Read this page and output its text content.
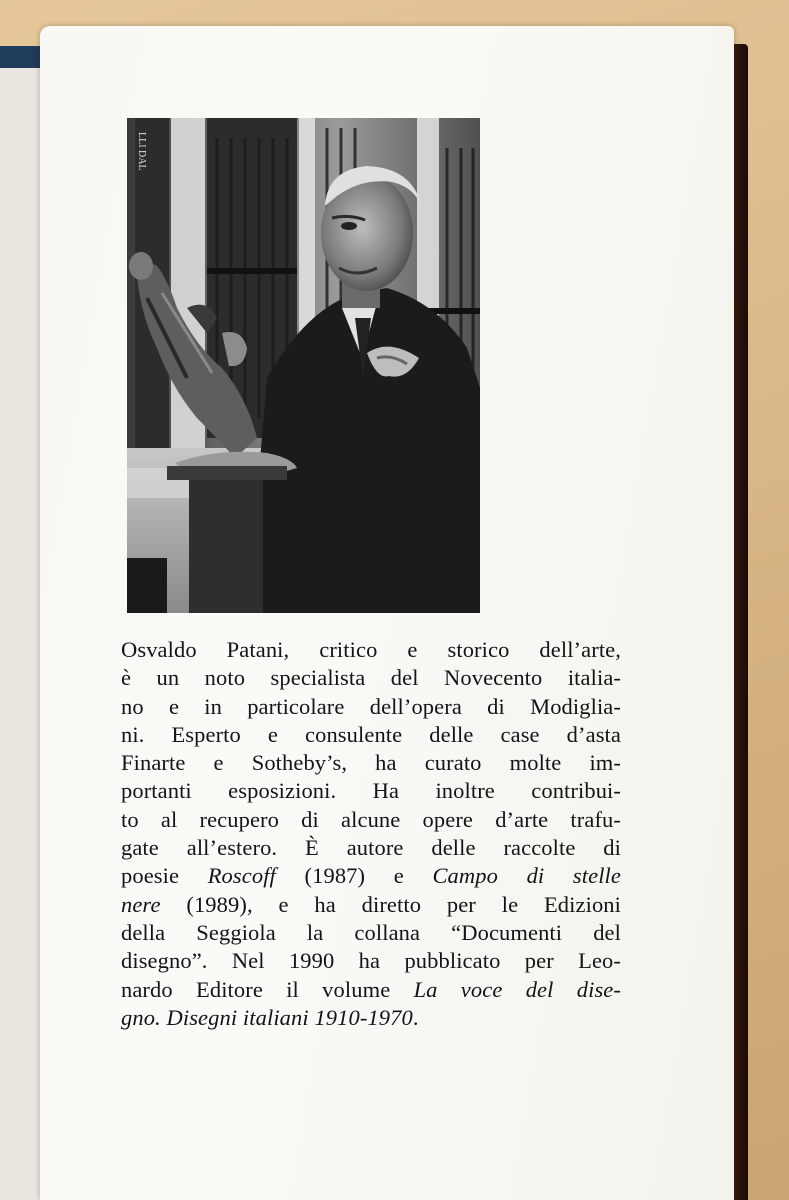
LLI DAL
Osvaldo Patani, critico e storico dell’arte,
è un noto specialista del Novecento italia-
no e in particolare dell’opera di Modiglia-
ni. Esperto e consulente delle case d’asta
Finarte e Sotheby’s, ha curato molte im-
portanti esposizioni. Ha inoltre contribui-
to al recupero di alcune opere d’arte trafu-
gate all’estero. È autore delle raccolte di
poesie Roscoff (1987) e Campo di stelle
nere (1989), e ha diretto per le Edizioni
della Seggiola la collana “Documenti del
disegno”. Nel 1990 ha pubblicato per Leo-
nardo Editore il volume La voce del dise-
gno. Disegni italiani 1910-1970.
